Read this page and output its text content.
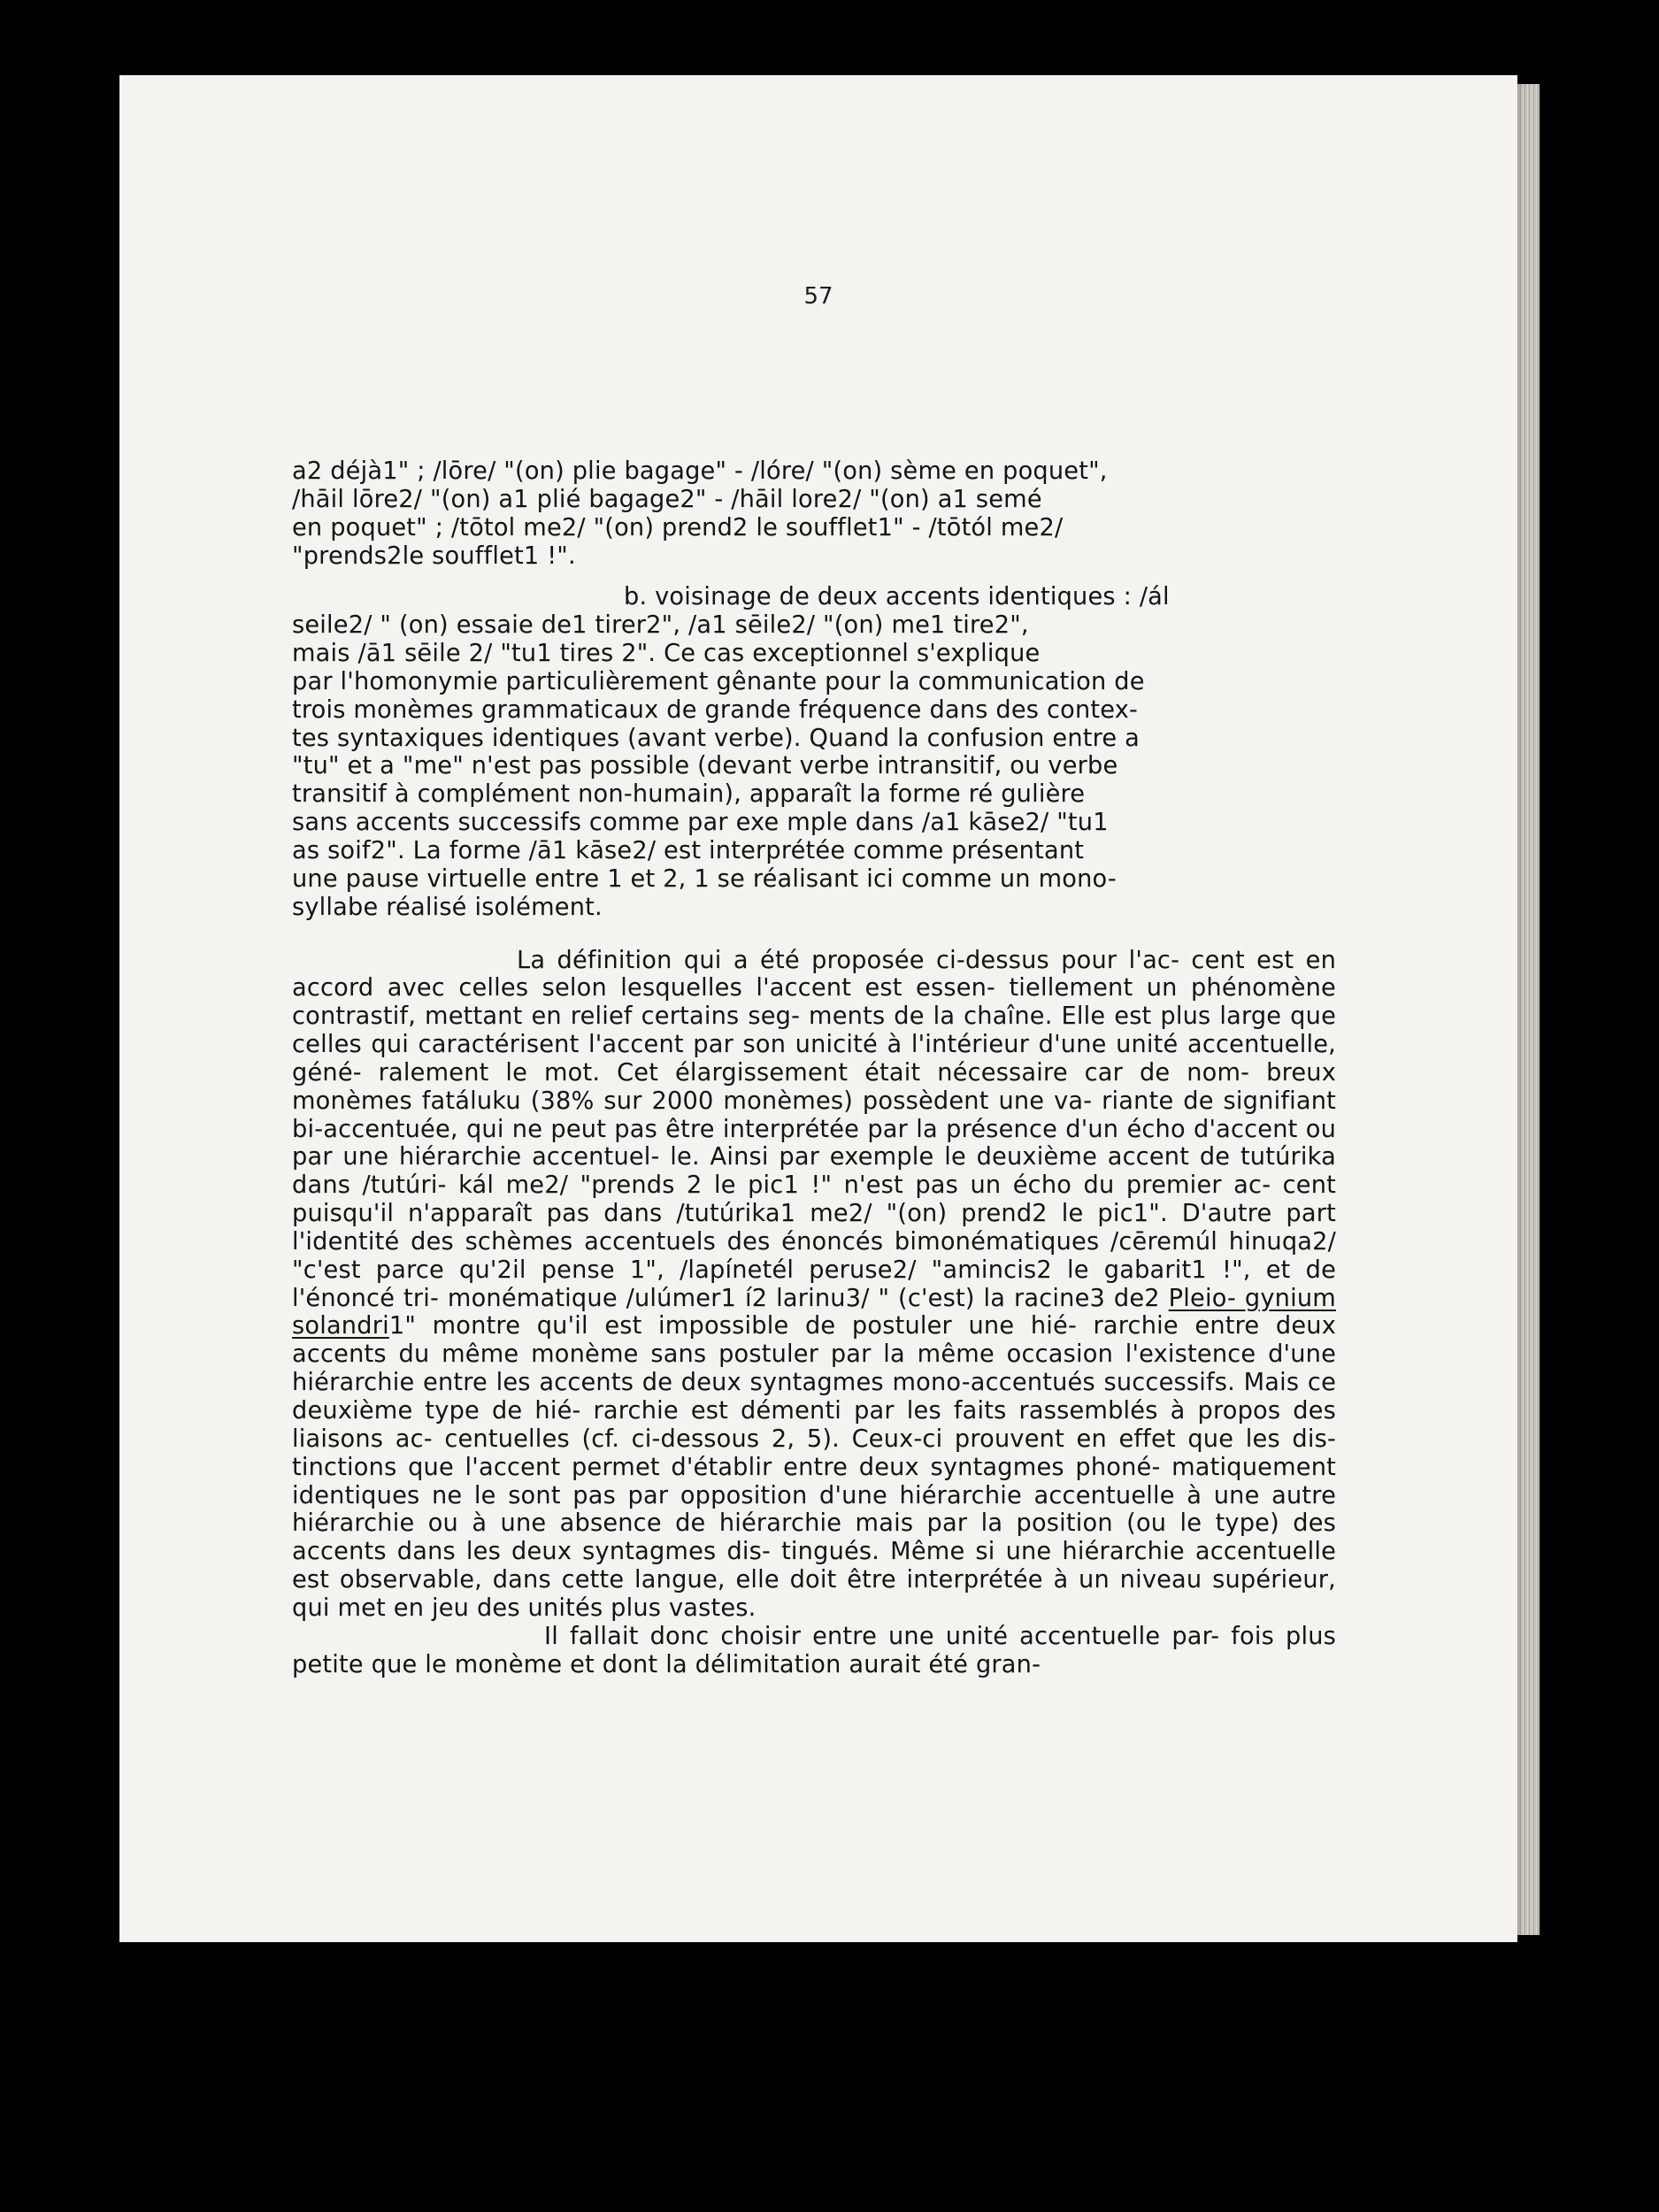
57

a2 déjà1" ; /lōre/ "(on) plie bagage" - /lóre/ "(on) sème en poquet",

/hāil lōre2/ "(on) a1 plié bagage2" - /hāil lore2/ "(on) a1 semé

en poquet" ; /tōtol me2/ "(on) prend2 le soufflet1" - /tōtól me2/

"prends2le soufflet1 !".

b. voisinage de deux accents identiques : /ál

seile2/ " (on) essaie de1 tirer2", /a1 sēile2/ "(on) me1 tire2",

mais /ā1 sēile 2/ "tu1 tires 2". Ce cas exceptionnel s'explique

par l'homonymie particulièrement gênante pour la communication de

trois monèmes grammaticaux de grande fréquence dans des contex-

tes syntaxiques identiques (avant verbe). Quand la confusion entre a

"tu" et a "me" n'est pas possible (devant verbe intransitif, ou verbe

transitif à complément non-humain), apparaît la forme ré gulière

sans accents successifs comme par exe mple dans /a1 kāse2/ "tu1

as soif2". La forme /ā1 kāse2/ est interprétée comme présentant

une pause virtuelle entre 1 et 2, 1 se réalisant ici comme un mono-

syllabe réalisé isolément.

La définition qui a été proposée ci-dessus pour l'ac- cent est en accord avec celles selon lesquelles l'accent est essen- tiellement un phénomène contrastif, mettant en relief certains seg- ments de la chaîne. Elle est plus large que celles qui caractérisent l'accent par son unicité à l'intérieur d'une unité accentuelle, géné- ralement le mot. Cet élargissement était nécessaire car de nom- breux monèmes fatáluku (38% sur 2000 monèmes) possèdent une va- riante de signifiant bi-accentuée, qui ne peut pas être interprétée par la présence d'un écho d'accent ou par une hiérarchie accentuel- le. Ainsi par exemple le deuxième accent de tutúrika dans /tutúri- kál me2/ "prends 2 le pic1 !" n'est pas un écho du premier ac- cent puisqu'il n'apparaît pas dans /tutúrika1 me2/ "(on) prend2 le pic1". D'autre part l'identité des schèmes accentuels des énoncés bimonématiques /cēremúl hinuqa2/ "c'est parce qu'2il pense 1", /lapínetél peruse2/ "amincis2 le gabarit1 !", et de l'énoncé tri- monématique /ulúmer1 í2 larinu3/ " (c'est) la racine3 de2 Pleio- gynium solandri1" montre qu'il est impossible de postuler une hié- rarchie entre deux accents du même monème sans postuler par la même occasion l'existence d'une hiérarchie entre les accents de deux syntagmes mono-accentués successifs. Mais ce deuxième type de hié- rarchie est démenti par les faits rassemblés à propos des liaisons ac- centuelles (cf. ci-dessous 2, 5). Ceux-ci prouvent en effet que les dis- tinctions que l'accent permet d'établir entre deux syntagmes phoné- matiquement identiques ne le sont pas par opposition d'une hiérarchie accentuelle à une autre hiérarchie ou à une absence de hiérarchie mais par la position (ou le type) des accents dans les deux syntagmes dis- tingués. Même si une hiérarchie accentuelle est observable, dans cette langue, elle doit être interprétée à un niveau supérieur, qui met en jeu des unités plus vastes.

Il fallait donc choisir entre une unité accentuelle par- fois plus petite que le monème et dont la délimitation aurait été gran-
